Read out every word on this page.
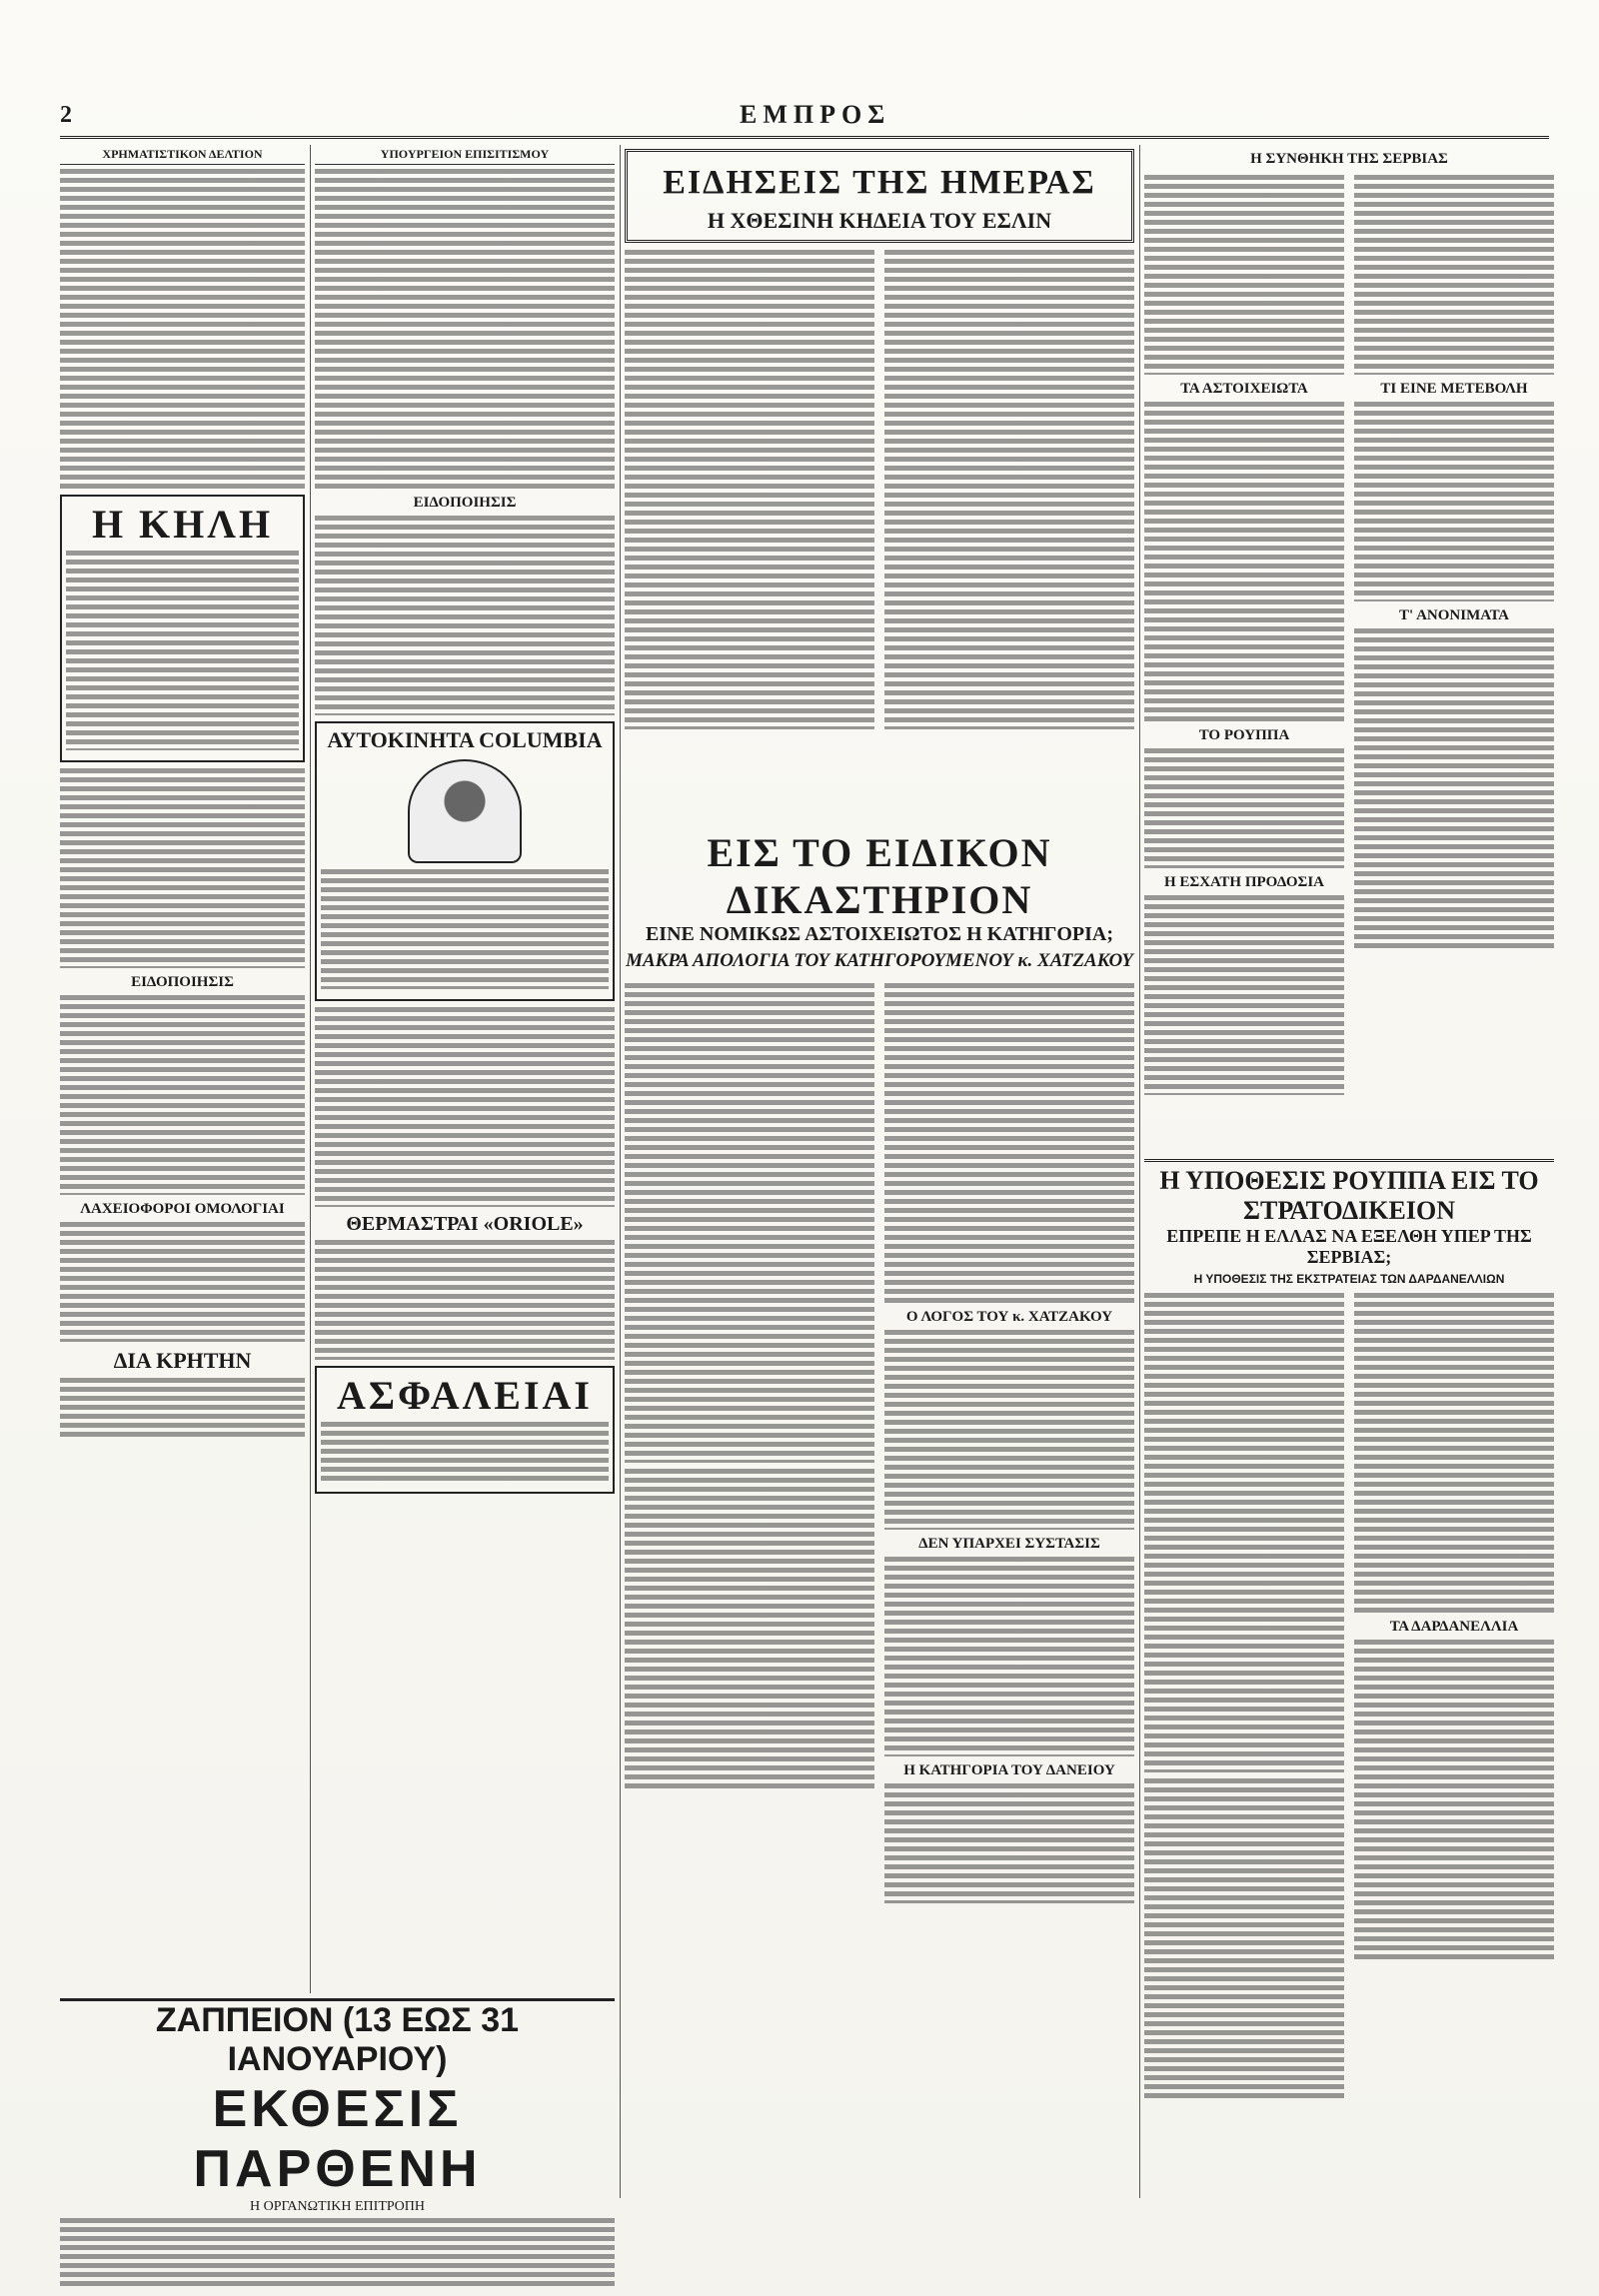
2	ΕΜΠΡΟΣ
ΧΡΗΜΑΤΙΣΤΙΚΟΝ ΔΕΛΤΙΟΝ
Η ΚΗΛΗ
ΕΙΔΟΠΟΙΗΣΙΣ
ΛΑΧΕΙΟΦΟΡΟΙ ΟΜΟΛΟΓΙΑΙ
ΔΙΑ ΚΡΗΤΗΝ
ΥΠΟΥΡΓΕΙΟΝ ΕΠΙΣΙΤΙΣΜΟΥ
ΕΙΔΟΠΟΙΗΣΙΣ
ΑΥΤΟΚΙΝΗΤΑ COLUMBIA
ΘΕΡΜΑΣΤΡΑΙ «ORIOLE»
ΑΣΦΑΛΕΙΑΙ
ΕΙΔΗΣΕΙΣ ΤΗΣ ΗΜΕΡΑΣ
Η ΧΘΕΣΙΝΗ ΚΗΔΕΙΑ ΤΟΥ ΕΣΛΙΝ
Η ΣΥΝΘΗΚΗ ΤΗΣ ΣΕΡΒΙΑΣ
ΤΑ ΑΣΤΟΙΧΕΙΩΤΑ
ΤΟ ΡΟΥΠΠΑ
Η ΕΣΧΑΤΗ ΠΡΟΔΟΣΙΑ
ΤΙ ΕΙΝΕ ΜΕΤΕΒΟΛΗ
Τ' ΑΝΟΝΙΜΑΤΑ
ΕΙΣ ΤΟ ΕΙΔΙΚΟΝ ΔΙΚΑΣΤΗΡΙΟΝ
ΕΙΝΕ ΝΟΜΙΚΩΣ ΑΣΤΟΙΧΕΙΩΤΟΣ Η ΚΑΤΗΓΟΡΙΑ;
ΜΑΚΡΑ ΑΠΟΛΟΓΙΑ ΤΟΥ ΚΑΤΗΓΟΡΟΥΜΕΝΟΥ κ. ΧΑΤΖΑΚΟΥ
Ο ΛΟΓΟΣ ΤΟΥ κ. ΧΑΤΖΑΚΟΥ
ΔΕΝ ΥΠΑΡΧΕΙ ΣΥΣΤΑΣΙΣ
Η ΚΑΤΗΓΟΡΙΑ ΤΟΥ ΔΑΝΕΙΟΥ
Η ΥΠΟΘΕΣΙΣ ΡΟΥΠΠΑ ΕΙΣ ΤΟ ΣΤΡΑΤΟΔΙΚΕΙΟΝ
ΕΠΡΕΠΕ Η ΕΛΛΑΣ ΝΑ ΕΞΕΛΘΗ ΥΠΕΡ ΤΗΣ ΣΕΡΒΙΑΣ;
Η ΥΠΟΘΕΣΙΣ ΤΗΣ ΕΚΣΤΡΑΤΕΙΑΣ ΤΩΝ ΔΑΡΔΑΝΕΛΛΙΩΝ
ΤΑ ΔΑΡΔΑΝΕΛΛΙΑ
ΖΑΠΠΕΙΟΝ (13 ΕΩΣ 31 ΙΑΝΟΥΑΡΙΟΥ)
ΕΚΘΕΣΙΣ ΠΑΡΘΕΝΗ
Η ΟΡΓΑΝΩΤΙΚΗ ΕΠΙΤΡΟΠΗ
